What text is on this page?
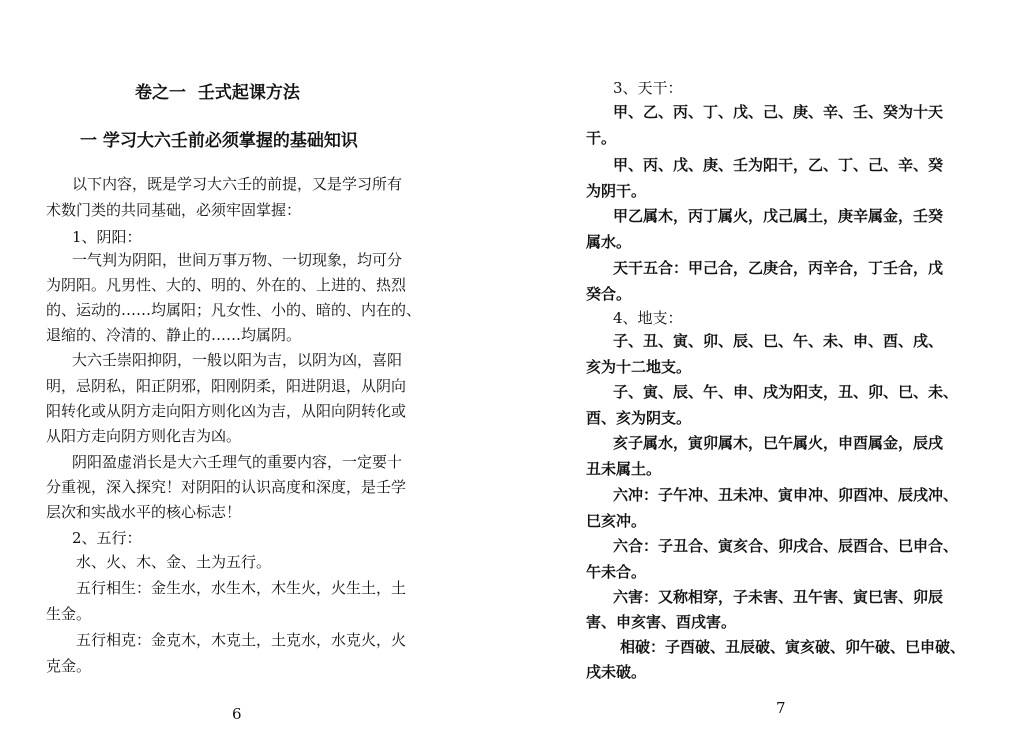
卷之一  壬式起课方法
一 学习大六壬前必须掌握的基础知识
以下内容，既是学习大六壬的前提，又是学习所有
术数门类的共同基础，必须牢固掌握：
1、阴阳：
一气判为阴阳，世间万事万物、一切现象，均可分
为阴阳。凡男性、大的、明的、外在的、上进的、热烈
的、运动的……均属阳；凡女性、小的、暗的、内在的、
退缩的、冷清的、静止的……均属阴。
大六壬崇阳抑阴，一般以阳为吉，以阴为凶，喜阳
明，忌阴私，阳正阴邪，阳刚阴柔，阳进阴退，从阴向
阳转化或从阴方走向阳方则化凶为吉，从阳向阴转化或
从阳方走向阴方则化吉为凶。
阴阳盈虚消长是大六壬理气的重要内容，一定要十
分重视，深入探究！对阴阳的认识高度和深度，是壬学
层次和实战水平的核心标志！
2、五行：
水、火、木、金、土为五行。
五行相生：金生水，水生木，木生火，火生土，土
生金。
五行相克：金克木，木克土，土克水，水克火，火
克金。
6
3、天干：
甲、乙、丙、丁、戊、己、庚、辛、壬、癸为十天
干。
甲、丙、戊、庚、壬为阳干，乙、丁、己、辛、癸
为阴干。
甲乙属木，丙丁属火，戊己属土，庚辛属金，壬癸
属水。
天干五合：甲己合，乙庚合，丙辛合，丁壬合，戊
癸合。
4、地支：
子、丑、寅、卯、辰、巳、午、未、申、酉、戌、
亥为十二地支。
子、寅、辰、午、申、戌为阳支，丑、卯、巳、未、
酉、亥为阴支。
亥子属水，寅卯属木，巳午属火，申酉属金，辰戌
丑未属土。
六冲：子午冲、丑未冲、寅申冲、卯酉冲、辰戌冲、
巳亥冲。
六合：子丑合、寅亥合、卯戌合、辰酉合、巳申合、
午未合。
六害：又称相穿，子未害、丑午害、寅巳害、卯辰
害、申亥害、酉戌害。
相破：子酉破、丑辰破、寅亥破、卯午破、巳申破、
戌未破。
7
